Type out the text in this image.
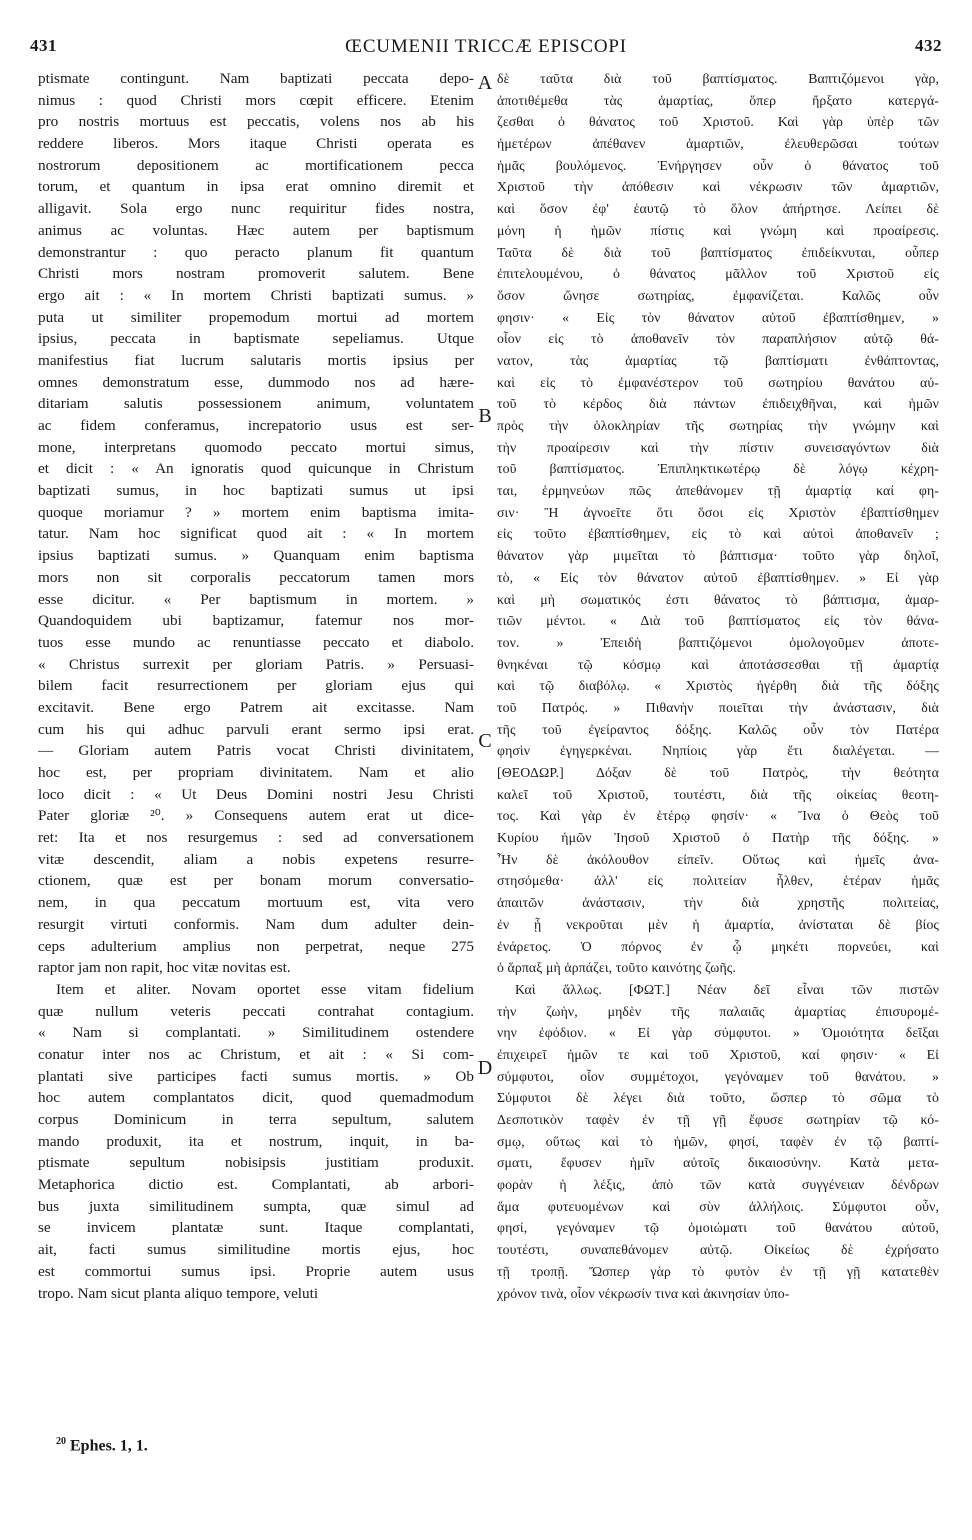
431	ŒCUMENII TRICCÆ EPISCOPI	432
ptismate contingunt. Nam baptizati peccata depo-
nimus : quod Christi mors cœpit efficere. Etenim
pro nostris mortuus est peccatis, volens nos ab his
reddere liberos. Mors itaque Christi operata es
nostrorum depositionem ac mortificationem pecca
torum, et quantum in ipsa erat omnino diremit et
alligavit. Sola ergo nunc requiritur fides nostra,
animus ac voluntas. Hæc autem per baptismum
demonstrantur : quo peracto planum fit quantum
Christi mors nostram promoverit salutem. Bene
ergo ait : « In mortem Christi baptizati sumus. »
puta ut similiter propemodum mortui ad mortem
ipsius, peccata in baptismate sepeliamus. Utque
manifestius fiat lucrum salutaris mortis ipsius per
omnes demonstratum esse, dummodo nos ad hære-
ditariam salutis possessionem animum, voluntatem
ac fidem conferamus, increpatorio usus est ser-
mone, interpretans quomodo peccato mortui simus,
et dicit : « An ignoratis quod quicunque in Christum
baptizati sumus, in hoc baptizati sumus ut ipsi
quoque moriamur ? » mortem enim baptisma imita-
tatur. Nam hoc significat quod ait : « In mortem
ipsius baptizati sumus. » Quanquam enim baptisma
mors non sit corporalis peccatorum tamen mors
esse dicitur. « Per baptismum in mortem. »
Quandoquidem ubi baptizamur, fatemur nos mor-
tuos esse mundo ac renuntiasse peccato et diabolo.
« Christus surrexit per gloriam Patris. » Persuasi-
bilem facit resurrectionem per gloriam ejus qui
excitavit. Bene ergo Patrem ait excitasse. Nam
cum his qui adhuc parvuli erant sermo ipsi erat.
— Gloriam autem Patris vocat Christi divinitatem,
hoc est, per propriam divinitatem. Nam et alio
loco dicit : « Ut Deus Domini nostri Jesu Christi
Pater gloriæ ²⁰. » Consequens autem erat ut dice-
ret: Ita et nos resurgemus : sed ad conversationem
vitæ descendit, aliam a nobis expetens resurre-
ctionem, quæ est per bonam morum conversatio-
nem, in qua peccatum mortuum est, vita vero
resurgit virtuti conformis. Nam dum adulter dein-
ceps adulterium amplius non perpetrat, neque 275
raptor jam non rapit, hoc vitæ novitas est.
Item et aliter. Novam oportet esse vitam fidelium
quæ nullum veteris peccati contrahat contagium.
« Nam si complantati. » Similitudinem ostendere
conatur inter nos ac Christum, et ait : « Si com-
plantati sive participes facti sumus mortis. » Ob
hoc autem complantatos dicit, quod quemadmodum
corpus Dominicum in terra sepultum, salutem
mando produxit, ita et nostrum, inquit, in ba-
ptismate sepultum nobisipsis justitiam produxit.
Metaphorica dictio est. Complantati, ab arbori-
bus juxta similitudinem sumpta, quæ simul ad
se invicem plantatæ sunt. Itaque complantati,
ait, facti sumus similitudine mortis ejus, hoc
est commortui sumus ipsi. Proprie autem usus
tropo. Nam sicut planta aliquo tempore, veluti
δὲ ταῦτα διὰ τοῦ βαπτίσματος. Βαπτιζόμενοι γὰρ,
ἀποτιθέμεθα τὰς ἁμαρτίας, ὅπερ ἤρξατο κατεργά-
ζεσθαι ὁ θάνατος τοῦ Χριστοῦ. Καὶ γὰρ ὑπὲρ τῶν
ἡμετέρων ἀπέθανεν ἁμαρτιῶν, ἐλευθερῶσαι τούτων
ἡμᾶς βουλόμενος. Ἐνήργησεν οὖν ὁ θάνατος τοῦ
Χριστοῦ τὴν ἀπόθεσιν καὶ νέκρωσιν τῶν ἁμαρτιῶν,
καὶ ὅσον ἐφ' ἑαυτῷ τὸ ὅλον ἀπήρτησε. Λείπει δὲ
μόνη ἡ ἡμῶν πίστις καὶ γνώμη καὶ προαίρεσις.
Ταῦτα δὲ διὰ τοῦ βαπτίσματος ἐπιδείκνυται, οὗπερ
ἐπιτελουμένου, ὁ θάνατος μᾶλλον τοῦ Χριστοῦ εἰς
ὅσον ὤνησε σωτηρίας, ἐμφανίζεται. Καλῶς οὖν
φησιν· « Εἰς τὸν θάνατον αὐτοῦ ἐβαπτίσθημεν, »
οἷον εἰς τὸ ἀποθανεῖν τὸν παραπλήσιον αὐτῷ θά-
νατον, τὰς ἁμαρτίας τῷ βαπτίσματι ἐνθάπτοντας,
καὶ εἰς τὸ ἐμφανέστερον τοῦ σωτηρίου θανάτου αὐ-
τοῦ τὸ κέρδος διὰ πάντων ἐπιδειχθῆναι, καὶ ἡμῶν
πρὸς τὴν ὁλοκληρίαν τῆς σωτηρίας τὴν γνώμην καὶ
τὴν προαίρεσιν καὶ τὴν πίστιν συνεισαγόντων διὰ
τοῦ βαπτίσματος. Ἐπιπληκτικωτέρῳ δὲ λόγῳ κέχρη-
ται, ἑρμηνεύων πῶς ἀπεθάνομεν τῇ ἁμαρτίᾳ καί φη-
σιν· Ἢ ἀγνοεῖτε ὅτι ὅσοι εἰς Χριστὸν ἐβαπτίσθημεν
εἰς τοῦτο ἐβαπτίσθημεν, εἰς τὸ καὶ αὐτοὶ ἀποθανεῖν ;
θάνατον γὰρ μιμεῖται τὸ βάπτισμα· τοῦτο γὰρ δηλοῖ,
τὸ, « Εἰς τὸν θάνατον αὐτοῦ ἐβαπτίσθημεν. » Εἰ γὰρ
καὶ μὴ σωματικός ἐστι θάνατος τὸ βάπτισμα, ἁμαρ-
τιῶν μέντοι. « Διὰ τοῦ βαπτίσματος εἰς τὸν θάνα-
τον. » Ἐπειδὴ βαπτιζόμενοι ὁμολογοῦμεν ἀποτε-
θνηκέναι τῷ κόσμῳ καὶ ἀποτάσσεσθαι τῇ ἁμαρτίᾳ
καὶ τῷ διαβόλῳ. « Χριστὸς ἠγέρθη διὰ τῆς δόξης
τοῦ Πατρός. » Πιθανὴν ποιεῖται τὴν ἀνάστασιν, διὰ
τῆς τοῦ ἐγείραντος δόξης. Καλῶς οὖν τὸν Πατέρα
φησὶν ἐγηγερκέναι. Νηπίοις γὰρ ἔτι διαλέγεται. —
[ΘΕΟΔΩΡ.] Δόξαν δὲ τοῦ Πατρὸς, τὴν θεότητα
καλεῖ τοῦ Χριστοῦ, τουτέστι, διὰ τῆς οἰκείας θεοτη-
τος. Καὶ γὰρ ἐν ἑτέρῳ φησίν· « Ἵνα ὁ Θεὸς τοῦ
Κυρίου ἡμῶν Ἰησοῦ Χριστοῦ ὁ Πατὴρ τῆς δόξης. »
Ἦν δὲ ἀκόλουθον εἰπεῖν. Οὕτως καὶ ἡμεῖς ἀνα-
στησόμεθα· ἀλλ' εἰς πολιτείαν ἦλθεν, ἑτέραν ἡμᾶς
ἀπαιτῶν ἀνάστασιν, τὴν διὰ χρηστῆς πολιτείας,
ἐν ᾗ νεκροῦται μὲν ἡ ἁμαρτία, ἀνίσταται δὲ βίος
ἐνάρετος. Ὁ πόρνος ἐν ᾧ μηκέτι πορνεύει, καὶ
ὁ ἅρπαξ μὴ ἁρπάζει, τοῦτο καινότης ζωῆς.
Καὶ ἄλλως. [ΦΩΤ.] Νέαν δεῖ εἶναι τῶν πιστῶν
τὴν ζωὴν, μηδὲν τῆς παλαιᾶς ἁμαρτίας ἐπισυρομέ-
νην ἐφόδιον. « Εἰ γὰρ σύμφυτοι. » Ὁμοιότητα δεῖξαι
ἐπιχειρεῖ ἡμῶν τε καὶ τοῦ Χριστοῦ, καί φησιν· « Εἰ
σύμφυτοι, οἷον συμμέτοχοι, γεγόναμεν τοῦ θανάτου. »
Σύμφυτοι δὲ λέγει διὰ τοῦτο, ὥσπερ τὸ σῶμα τὸ
Δεσποτικὸν ταφὲν ἐν τῇ γῇ ἔφυσε σωτηρίαν τῷ κό-
σμῳ, οὕτως καὶ τὸ ἡμῶν, φησί, ταφὲν ἐν τῷ βαπτί-
σματι, ἔφυσεν ἡμῖν αὐτοῖς δικαιοσύνην. Κατὰ μετα-
φορὰν ἡ λέξις, ἀπὸ τῶν κατὰ συγγένειαν δένδρων
ἅμα φυτευομένων καὶ σὺν ἀλλήλοις. Σύμφυτοι οὖν,
φησί, γεγόναμεν τῷ ὁμοιώματι τοῦ θανάτου αὐτοῦ,
τουτέστι, συναπεθάνομεν αὐτῷ. Οἰκείως δὲ ἐχρήσατο
τῇ τροπῇ. Ὥσπερ γὰρ τὸ φυτὸν ἐν τῇ γῇ κατατεθὲν
χρόνον τινὰ, οἷον νέκρωσίν τινα καὶ ἀκινησίαν ὑπο-
A
B
C
D
$^{20}$ Ephes. 1, 1.
